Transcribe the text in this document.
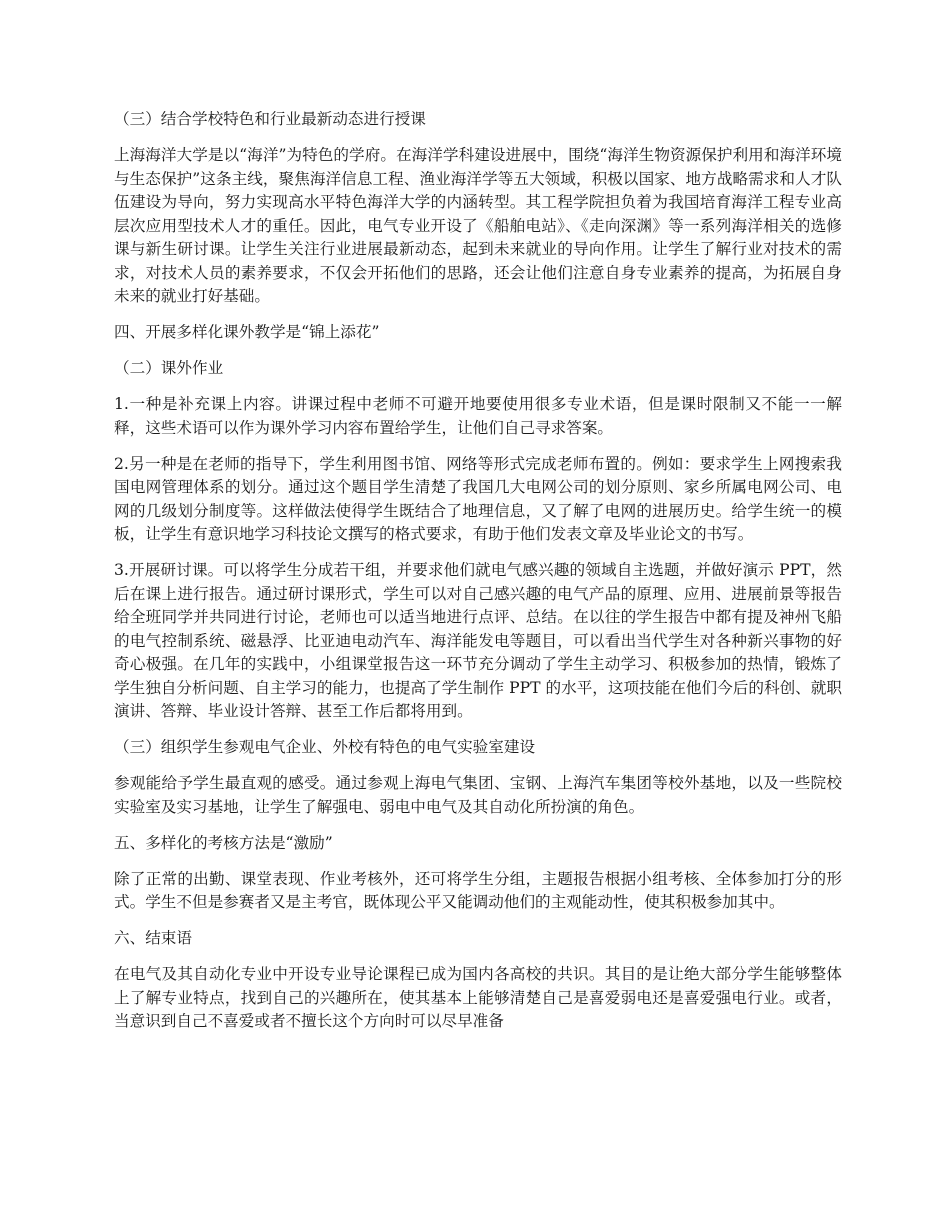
（三）结合学校特色和行业最新动态进行授课

上海海洋大学是以“海洋”为特色的学府。在海洋学科建设进展中，围绕“海洋生物资源保护利用和海洋环境与生态保护”这条主线，聚焦海洋信息工程、渔业海洋学等五大领域，积极以国家、地方战略需求和人才队伍建设为导向，努力实现高水平特色海洋大学的内涵转型。其工程学院担负着为我国培育海洋工程专业高层次应用型技术人才的重任。因此，电气专业开设了《船舶电站》、《走向深渊》等一系列海洋相关的选修课与新生研讨课。让学生关注行业进展最新动态，起到未来就业的导向作用。让学生了解行业对技术的需求，对技术人员的素养要求，不仅会开拓他们的思路，还会让他们注意自身专业素养的提高，为拓展自身未来的就业打好基础。

四、开展多样化课外教学是“锦上添花”

（二）课外作业

1.一种是补充课上内容。讲课过程中老师不可避开地要使用很多专业术语，但是课时限制又不能一一解释，这些术语可以作为课外学习内容布置给学生，让他们自己寻求答案。

2.另一种是在老师的指导下，学生利用图书馆、网络等形式完成老师布置的。例如：要求学生上网搜索我国电网管理体系的划分。通过这个题目学生清楚了我国几大电网公司的划分原则、家乡所属电网公司、电网的几级划分制度等。这样做法使得学生既结合了地理信息，又了解了电网的进展历史。给学生统一的模板，让学生有意识地学习科技论文撰写的格式要求，有助于他们发表文章及毕业论文的书写。

3.开展研讨课。可以将学生分成若干组，并要求他们就电气感兴趣的领域自主选题，并做好演示 PPT，然后在课上进行报告。通过研讨课形式，学生可以对自己感兴趣的电气产品的原理、应用、进展前景等报告给全班同学并共同进行讨论，老师也可以适当地进行点评、总结。在以往的学生报告中都有提及神州飞船的电气控制系统、磁悬浮、比亚迪电动汽车、海洋能发电等题目，可以看出当代学生对各种新兴事物的好奇心极强。在几年的实践中，小组课堂报告这一环节充分调动了学生主动学习、积极参加的热情，锻炼了学生独自分析问题、自主学习的能力，也提高了学生制作 PPT 的水平，这项技能在他们今后的科创、就职演讲、答辩、毕业设计答辩、甚至工作后都将用到。

（三）组织学生参观电气企业、外校有特色的电气实验室建设

参观能给予学生最直观的感受。通过参观上海电气集团、宝钢、上海汽车集团等校外基地，以及一些院校实验室及实习基地，让学生了解强电、弱电中电气及其自动化所扮演的角色。

五、多样化的考核方法是“激励”

除了正常的出勤、课堂表现、作业考核外，还可将学生分组，主题报告根据小组考核、全体参加打分的形式。学生不但是参赛者又是主考官，既体现公平又能调动他们的主观能动性，使其积极参加其中。

六、结束语

在电气及其自动化专业中开设专业导论课程已成为国内各高校的共识。其目的是让绝大部分学生能够整体上了解专业特点，找到自己的兴趣所在，使其基本上能够清楚自己是喜爱弱电还是喜爱强电行业。或者，当意识到自己不喜爱或者不擅长这个方向时可以尽早准备
